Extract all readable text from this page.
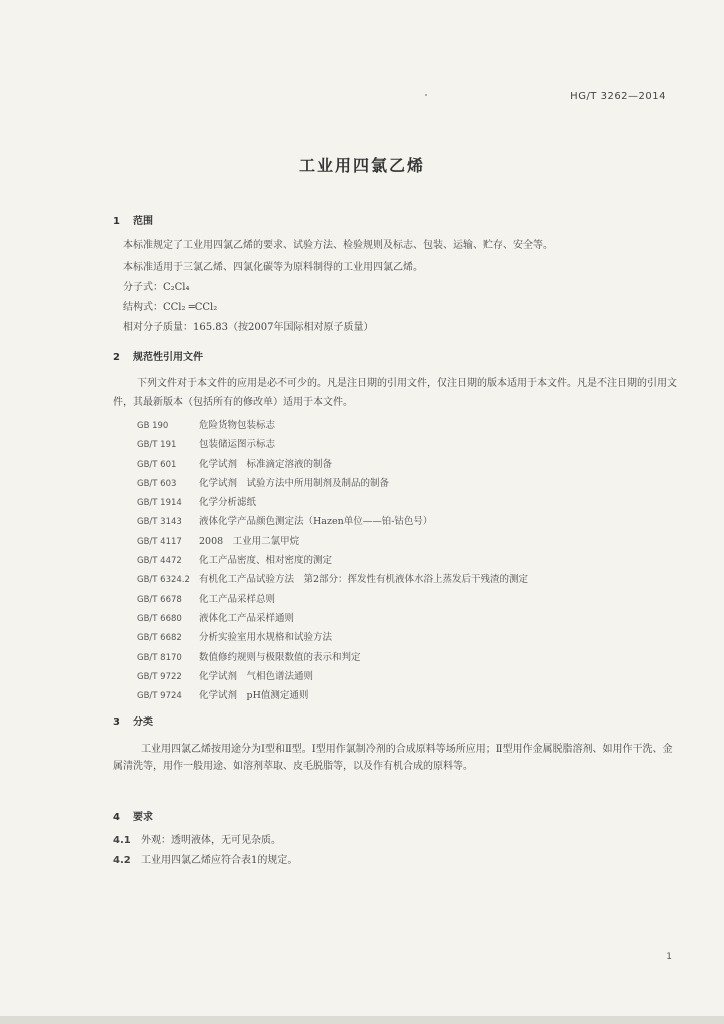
HG/T 3262—2014
工业用四氯乙烯
1 范围
本标准规定了工业用四氯乙烯的要求、试验方法、检验规则及标志、包装、运输、贮存、安全等。
本标准适用于三氯乙烯、四氯化碳等为原料制得的工业用四氯乙烯。
分子式：C₂Cl₄
结构式：CCl₂ ═CCl₂
相对分子质量：165.83（按2007年国际相对原子质量）
2 规范性引用文件
下列文件对于本文件的应用是必不可少的。凡是注日期的引用文件，仅注日期的版本适用于本文件。凡是不注日期的引用文件，其最新版本（包括所有的修改单）适用于本文件。
GB 190	危险货物包装标志
GB/T 191 包装储运图示标志
GB/T 601 化学试剂　标准滴定溶液的制备
GB/T 603 化学试剂　试验方法中所用制剂及制品的制备
GB/T 1914 化学分析滤纸
GB/T 3143 液体化学产品颜色测定法（Hazen单位——铂-钴色号）
GB/T 4117 2008　工业用二氯甲烷
GB/T 4472 化工产品密度、相对密度的测定
GB/T 6324.2 有机化工产品试验方法　第2部分：挥发性有机液体水浴上蒸发后干残渣的测定
GB/T 6678 化工产品采样总则
GB/T 6680 液体化工产品采样通则
GB/T 6682 分析实验室用水规格和试验方法
GB/T 8170 数值修约规则与极限数值的表示和判定
GB/T 9722 化学试剂　气相色谱法通则
GB/T 9724 化学试剂　pH值测定通则
3 分类
工业用四氯乙烯按用途分为Ⅰ型和Ⅱ型。Ⅰ型用作氯制冷剂的合成原料等场所应用；Ⅱ型用作金属脱脂溶剂、如用作干洗、金属清洗等，用作一般用途、如溶剂萃取、皮毛脱脂等，以及作有机合成的原料等。
4 要求
4.1 外观：透明液体，无可见杂质。
4.2 工业用四氯乙烯应符合表1的规定。
1
